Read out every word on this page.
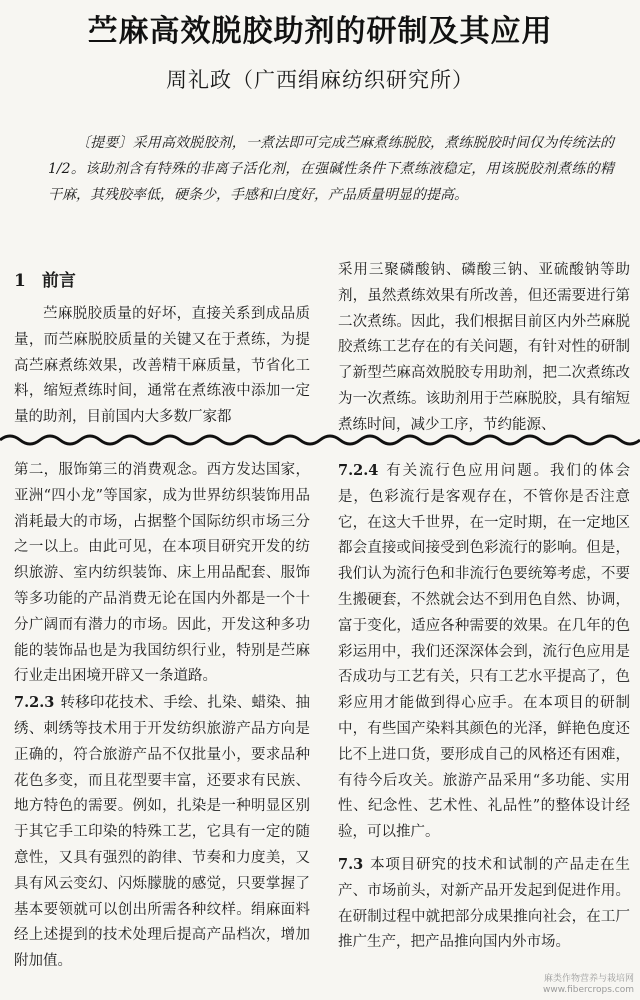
苎麻高效脱胶助剂的研制及其应用
周礼政（广西绢麻纺织研究所）

〔提要〕采用高效脱胶剂，一煮法即可完成苎麻煮练脱胶，煮练脱胶时间仅为传统法的1/2。该助剂含有特殊的非离子活化剂，在强碱性条件下煮练液稳定，用该脱胶剂煮练的精干麻，其残胶率低，硬条少，手感和白度好，产品质量明显的提高。

1 前言

苎麻脱胶质量的好坏，直接关系到成品质量，而苎麻脱胶质量的关键又在于煮练，为提高苎麻煮练效果，改善精干麻质量，节省化工料，缩短煮练时间，通常在煮练液中添加一定量的助剂，目前国内大多数厂家都

采用三聚磷酸钠、磷酸三钠、亚硫酸钠等助剂，虽然煮练效果有所改善，但还需要进行第二次煮练。因此，我们根据目前区内外苎麻脱胶煮练工艺存在的有关问题，有针对性的研制了新型苎麻高效脱胶专用助剂，把二次煮练改为一次煮练。该助剂用于苎麻脱胶，具有缩短煮练时间，减少工序，节约能源、

第二，服饰第三的消费观念。西方发达国家，亚洲“四小龙”等国家，成为世界纺织装饰用品消耗最大的市场，占据整个国际纺织市场三分之一以上。由此可见，在本项目研究开发的纺织旅游、室内纺织装饰、床上用品配套、服饰等多功能的产品消费无论在国内外都是一个十分广阔而有潜力的市场。因此，开发这种多功能的装饰品也是为我国纺织行业，特别是苎麻行业走出困境开辟又一条道路。

7.2.3 转移印花技术、手绘、扎染、蜡染、抽绣、刺绣等技术用于开发纺织旅游产品方向是正确的，符合旅游产品不仅批量小，要求品种花色多变，而且花型要丰富，还要求有民族、地方特色的需要。例如，扎染是一种明显区别于其它手工印染的特殊工艺，它具有一定的随意性，又具有强烈的韵律、节奏和力度美，又具有风云变幻、闪烁朦胧的感觉，只要掌握了基本要领就可以创出所需各种纹样。绢麻面料经上述提到的技术处理后提高产品档次，增加附加值。

7.2.4 有关流行色应用问题。我们的体会是，色彩流行是客观存在，不管你是否注意它，在这大千世界，在一定时期，在一定地区都会直接或间接受到色彩流行的影响。但是，我们认为流行色和非流行色要统筹考虑，不要生搬硬套，不然就会达不到用色自然、协调，富于变化，适应各种需要的效果。在几年的色彩运用中，我们还深深体会到，流行色应用是否成功与工艺有关，只有工艺水平提高了，色彩应用才能做到得心应手。在本项目的研制中，有些国产染料其颜色的光泽，鲜艳色度还比不上进口货，要形成自己的风格还有困难，有待今后攻关。旅游产品采用“多功能、实用性、纪念性、艺术性、礼品性”的整体设计经验，可以推广。

7.3 本项目研究的技术和试制的产品走在生产、市场前头，对新产品开发起到促进作用。在研制过程中就把部分成果推向社会，在工厂推广生产，把产品推向国内外市场。

麻类作物营养与栽培网
www.fibercrops.com
